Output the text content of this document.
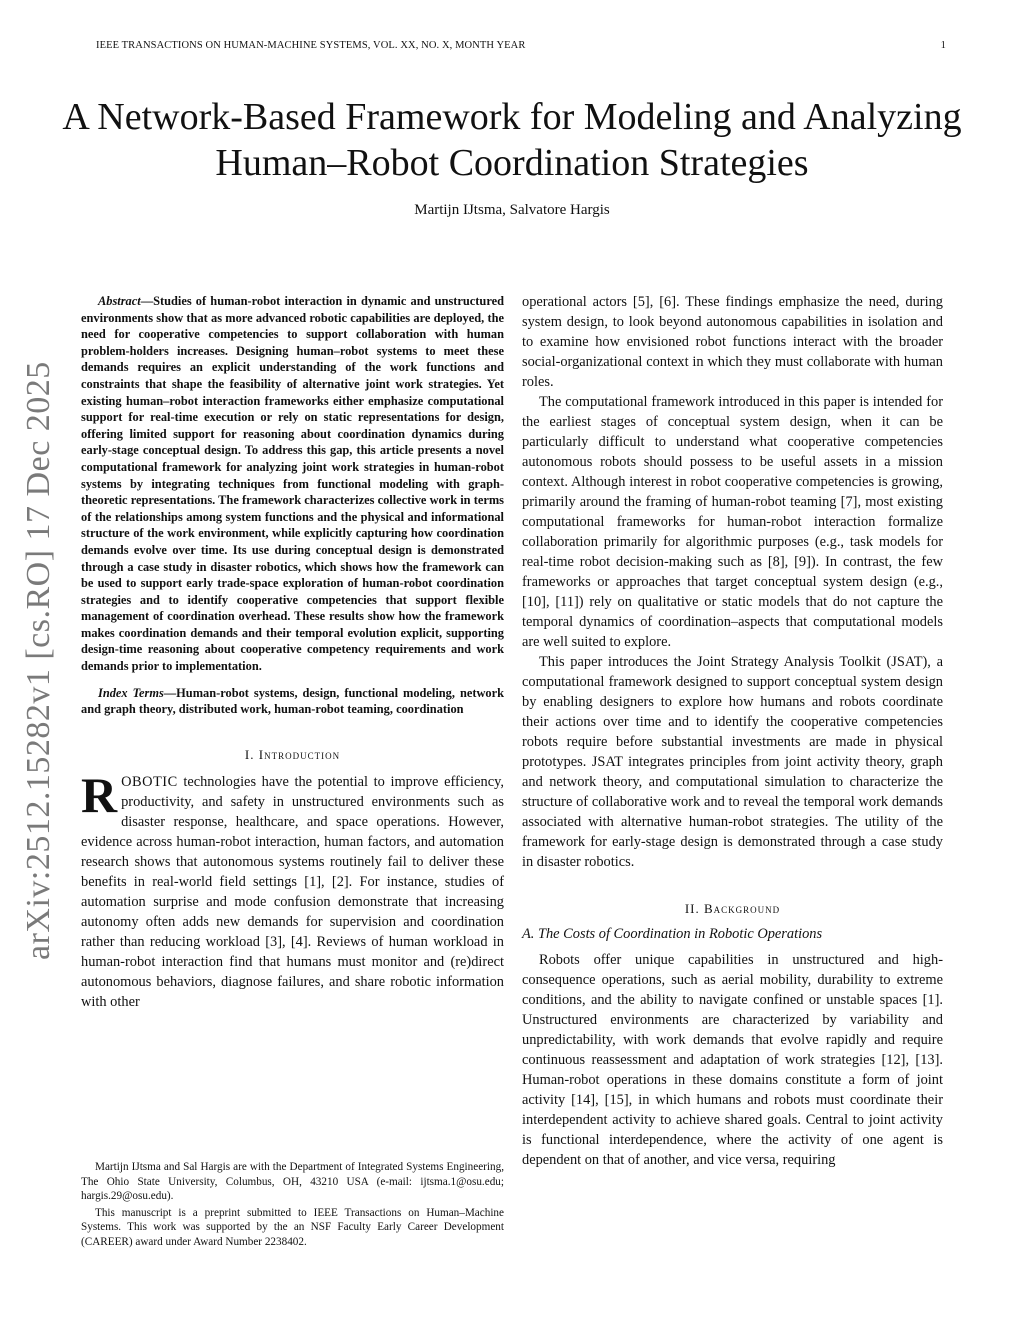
IEEE TRANSACTIONS ON HUMAN-MACHINE SYSTEMS, VOL. XX, NO. X, MONTH YEAR	1
arXiv:2512.15282v1 [cs.RO] 17 Dec 2025
A Network-Based Framework for Modeling and Analyzing Human–Robot Coordination Strategies
Martijn IJtsma, Salvatore Hargis

Abstract—Studies of human-robot interaction in dynamic and unstructured environments show that as more advanced robotic capabilities are deployed, the need for cooperative competencies to support collaboration with human problem-holders increases. Designing human–robot systems to meet these demands requires an explicit understanding of the work functions and constraints that shape the feasibility of alternative joint work strategies. Yet existing human–robot interaction frameworks either emphasize computational support for real-time execution or rely on static representations for design, offering limited support for reasoning about coordination dynamics during early-stage conceptual design. To address this gap, this article presents a novel computational framework for analyzing joint work strategies in human-robot systems by integrating techniques from functional modeling with graph-theoretic representations. The framework characterizes collective work in terms of the relationships among system functions and the physical and informational structure of the work environment, while explicitly capturing how coordination demands evolve over time. Its use during conceptual design is demonstrated through a case study in disaster robotics, which shows how the framework can be used to support early trade-space exploration of human-robot coordination strategies and to identify cooperative competencies that support flexible management of coordination overhead. These results show how the framework makes coordination demands and their temporal evolution explicit, supporting design-time reasoning about cooperative competency requirements and work demands prior to implementation.

Index Terms—Human-robot systems, design, functional modeling, network and graph theory, distributed work, human-robot teaming, coordination

I. Introduction

ROBOTIC technologies have the potential to improve efficiency, productivity, and safety in unstructured environments such as disaster response, healthcare, and space operations. However, evidence across human-robot interaction, human factors, and automation research shows that autonomous systems routinely fail to deliver these benefits in real-world field settings [1], [2]. For instance, studies of automation surprise and mode confusion demonstrate that increasing autonomy often adds new demands for supervision and coordination rather than reducing workload [3], [4]. Reviews of human workload in human-robot interaction find that humans must monitor and (re)direct autonomous behaviors, diagnose failures, and share robotic information with other

Martijn IJtsma and Sal Hargis are with the Department of Integrated Systems Engineering, The Ohio State University, Columbus, OH, 43210 USA (e-mail: ijtsma.1@osu.edu; hargis.29@osu.edu).

This manuscript is a preprint submitted to IEEE Transactions on Human–Machine Systems. This work was supported by the an NSF Faculty Early Career Development (CAREER) award under Award Number 2238402.

operational actors [5], [6]. These findings emphasize the need, during system design, to look beyond autonomous capabilities in isolation and to examine how envisioned robot functions interact with the broader social-organizational context in which they must collaborate with human roles.

The computational framework introduced in this paper is intended for the earliest stages of conceptual system design, when it can be particularly difficult to understand what cooperative competencies autonomous robots should possess to be useful assets in a mission context. Although interest in robot cooperative competencies is growing, primarily around the framing of human-robot teaming [7], most existing computational frameworks for human-robot interaction formalize collaboration primarily for algorithmic purposes (e.g., task models for real-time robot decision-making such as [8], [9]). In contrast, the few frameworks or approaches that target conceptual system design (e.g., [10], [11]) rely on qualitative or static models that do not capture the temporal dynamics of coordination–aspects that computational models are well suited to explore.

This paper introduces the Joint Strategy Analysis Toolkit (JSAT), a computational framework designed to support conceptual system design by enabling designers to explore how humans and robots coordinate their actions over time and to identify the cooperative competencies robots require before substantial investments are made in physical prototypes. JSAT integrates principles from joint activity theory, graph and network theory, and computational simulation to characterize the structure of collaborative work and to reveal the temporal work demands associated with alternative human-robot strategies. The utility of the framework for early-stage design is demonstrated through a case study in disaster robotics.

II. Background

A. The Costs of Coordination in Robotic Operations

Robots offer unique capabilities in unstructured and high-consequence operations, such as aerial mobility, durability to extreme conditions, and the ability to navigate confined or unstable spaces [1]. Unstructured environments are characterized by variability and unpredictability, with work demands that evolve rapidly and require continuous reassessment and adaptation of work strategies [12], [13]. Human-robot operations in these domains constitute a form of joint activity [14], [15], in which humans and robots must coordinate their interdependent activity to achieve shared goals. Central to joint activity is functional interdependence, where the activity of one agent is dependent on that of another, and vice versa, requiring
